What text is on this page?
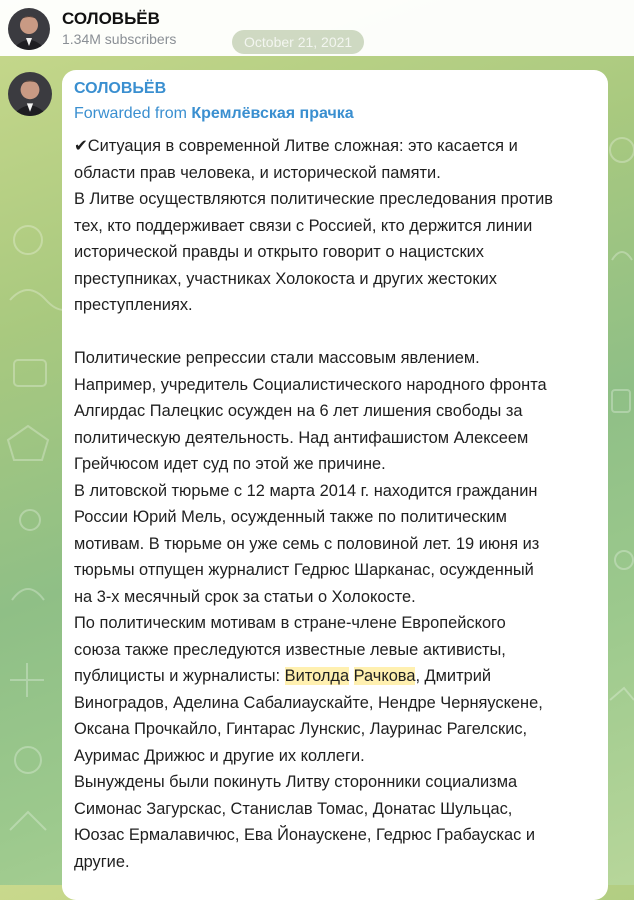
СОЛОВЬЁВ
1.34M subscribers	October 21, 2021
СОЛОВЬЁВ
Forwarded from Кремлёвская прачка

✔Ситуация в современной Литве сложная: это касается и

области прав человека, и исторической памяти.

В Литве осуществляются политические преследования против

тех, кто поддерживает связи с Россией, кто держится линии

исторической правды и открыто говорит о нацистских

преступниках, участниках Холокоста и других жестоких

преступлениях.

Политические репрессии стали массовым явлением.

Например, учредитель Социалистического народного фронта

Алгирдас Палецкис осужден на 6 лет лишения свободы за

политическую деятельность. Над антифашистом Алексеем

Грейчюсом идет суд по этой же причине.

В литовской тюрьме с 12 марта 2014 г. находится гражданин

России Юрий Мель, осужденный также по политическим

мотивам. В тюрьме он уже семь с половиной лет. 19 июня из

тюрьмы отпущен журналист Гедрюс Шарканас, осужденный

на 3-х месячный срок за статьи о Холокосте.

По политическим мотивам в стране-члене Европейского

союза также преследуются известные левые активисты,

публицисты и журналисты: Витолда Рачкова, Дмитрий

Виноградов, Аделина Сабалиаускайте, Нендре Черняускене,

Оксана Прочкайло, Гинтарас Лунскис, Лауринас Рагелскис,

Ауримас Дрижюс и другие их коллеги.

Вынуждены были покинуть Литву сторонники социализма

Симонас Загурскас, Станислав Томас, Донатас Шульцас,

Юозас Ермалавичюс, Ева Йонаускене, Гедрюс Грабаускас и

другие.
